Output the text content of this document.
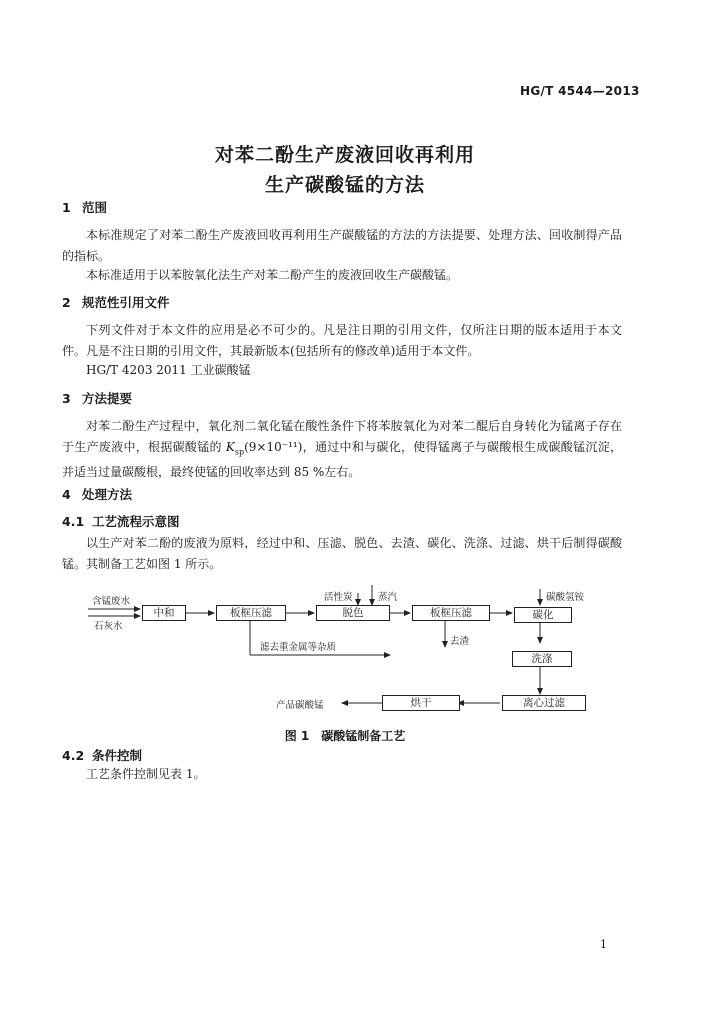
HG/T 4544—2013
对苯二酚生产废液回收再利用
生产碳酸锰的方法
1 范围
本标准规定了对苯二酚生产废液回收再利用生产碳酸锰的方法的方法提要、处理方法、回收制得产品的指标。
本标准适用于以苯胺氧化法生产对苯二酚产生的废液回收生产碳酸锰。
2 规范性引用文件
下列文件对于本文件的应用是必不可少的。凡是注日期的引用文件，仅所注日期的版本适用于本文件。凡是不注日期的引用文件，其最新版本(包括所有的修改单)适用于本文件。
HG/T 4203 2011 工业碳酸锰
3 方法提要
对苯二酚生产过程中，氧化剂二氧化锰在酸性条件下将苯胺氧化为对苯二醌后自身转化为锰离子存在于生产废液中，根据碳酸锰的 $K_{sp}(9\times 10^{-11})$，通过中和与碳化，使得锰离子与碳酸根生成碳酸锰沉淀，并适当过量碳酸根，最终使锰的回收率达到 85 %左右。
4 处理方法
4.1 工艺流程示意图
以生产对苯二酚的废液为原料，经过中和、压滤、脱色、去渣、碳化、洗涤、过滤、烘干后制得碳酸锰。其制备工艺如图 1 所示。
含锰废水
石灰水
中和	板框压滤	脱色	板框压滤	碳化
洗涤
离心过滤
烘干
活性炭	蒸汽	碳酸氢铵
滤去重金属等杂质
去渣
产品碳酸锰
图 1 碳酸锰制备工艺
4.2 条件控制
工艺条件控制见表 1。
1
